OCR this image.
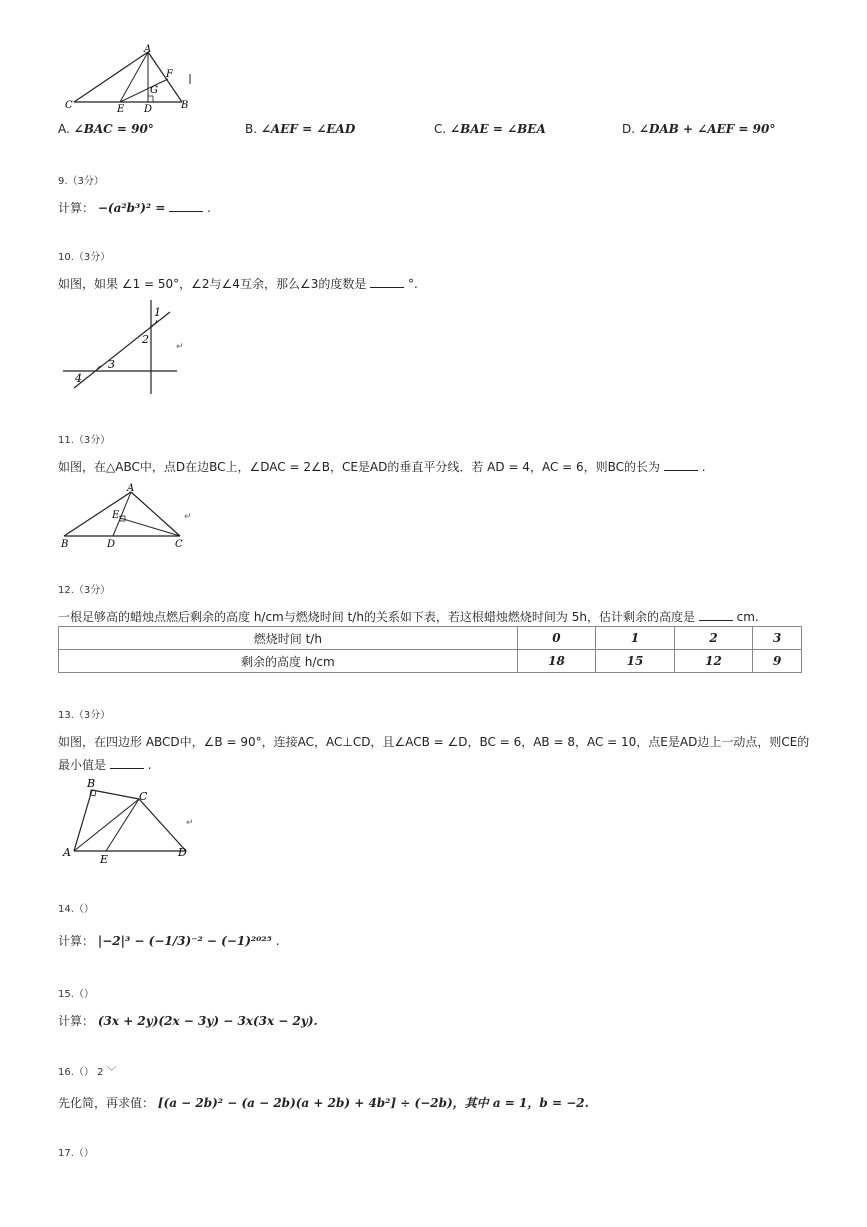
A
F
G
C	E D	B
A. ∠BAC = 90°	B. ∠AEF = ∠EAD	C. ∠BAE = ∠BEA	D. ∠DAB + ∠AEF = 90°
9.（3分）
计算： −(a²b³)² =	.
10.（3分）
如图，如果 ∠1 = 50°，∠2与∠4互余，那么∠3的度数是	°.
1
2
3
4
↵
11.（3分）
如图，在△ABC中，点D在边BC上，∠DAC = 2∠B，CE是AD的垂直平分线．若 AD = 4，AC = 6，则BC的长为	.
A
E
B	D	C
↵
12.（3分）
一根足够高的蜡烛点燃后剩余的高度 h/cm与燃烧时间 t/h的关系如下表，若这根蜡烛燃烧时间为 5h，估计剩余的高度是	cm.
燃烧时间 t/h	0	1	2	3
剩余的高度 h/cm	18	15	12	9
13.（3分）
如图，在四边形 ABCD中，∠B = 90°，连接AC，AC⊥CD，且∠ACB = ∠D，BC = 6，AB = 8，AC = 10，点E是AD边上一动点，则CE的
最小值是	.
B
C
A
E
D
↵
14.（）
计算： |−2|³ − (−1/3)⁻² − (−1)²⁰²⁵ .
15.（）
计算： (3x + 2y)(2x − 3y) − 3x(3x − 2y).
16.（） 2 ﹀
先化简，再求值： [(a − 2b)² − (a − 2b)(a + 2b) + 4b²] ÷ (−2b)，其中 a = 1，b = −2.
17.（）
